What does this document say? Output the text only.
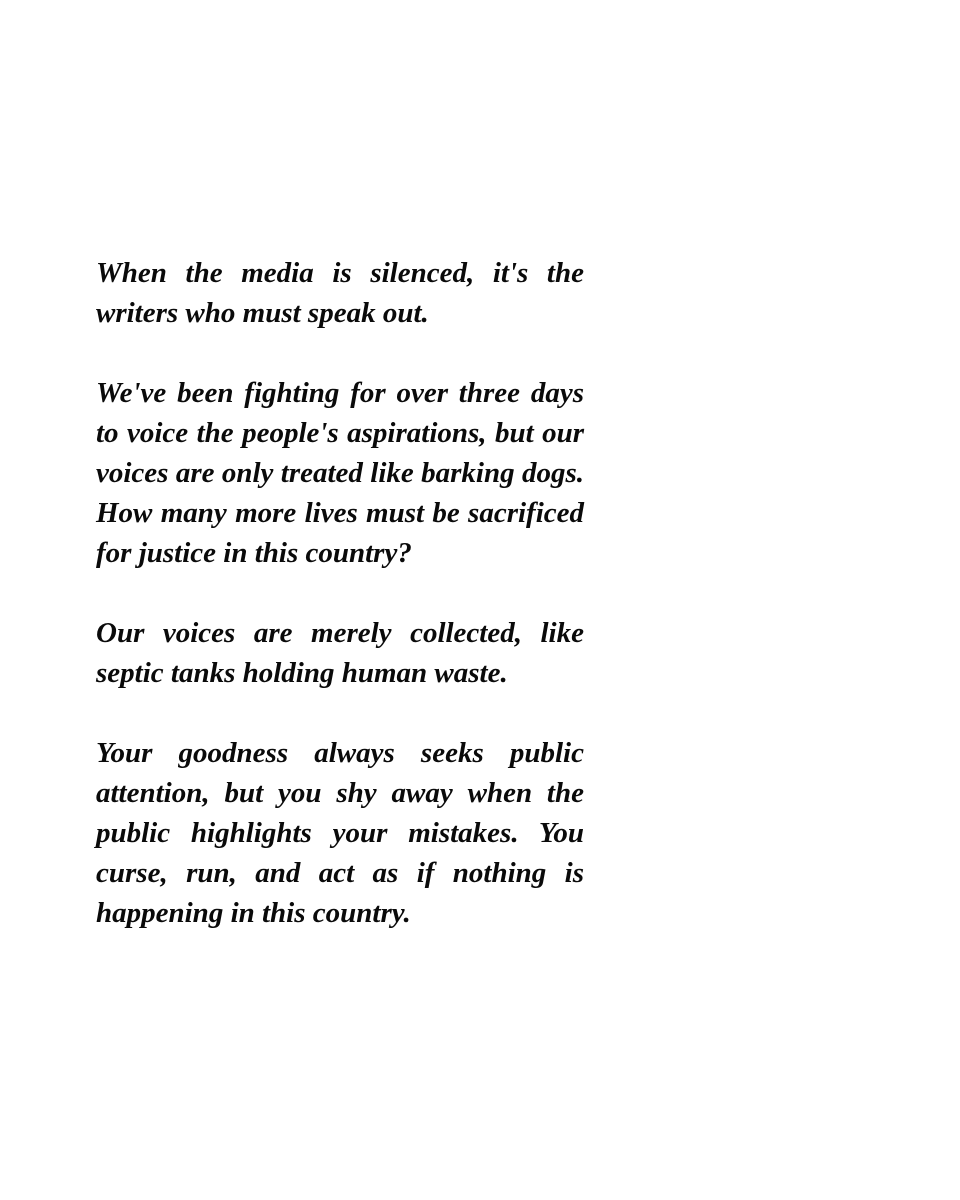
When the media is silenced, it's the writers who must speak out.

We've been fighting for over three days to voice the people's aspirations, but our voices are only treated like barking dogs. How many more lives must be sacrificed for justice in this country?

Our voices are merely collected, like septic tanks holding human waste.

Your goodness always seeks public attention, but you shy away when the public highlights your mistakes. You curse, run, and act as if nothing is happening in this country.
